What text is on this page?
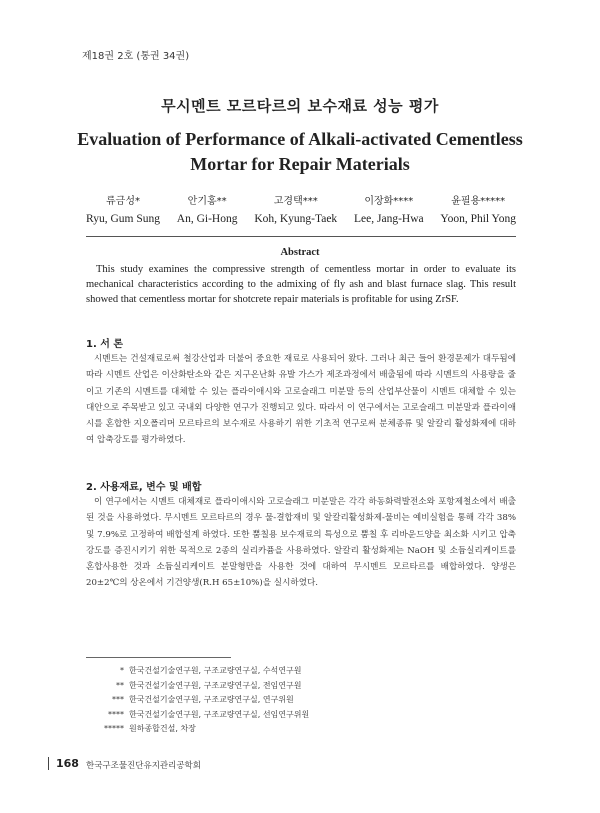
제18권 2호 (통권 34권)
무시멘트 모르타르의 보수재료 성능 평가
Evaluation of Performance of Alkali-activated Cementless
Mortar for Repair Materials
류금성*
Ryu, Gum Sung
안기홍**
An, Gi-Hong
고경택***
Koh, Kyung-Taek
이장화****
Lee, Jang-Hwa
윤필용*****
Yoon, Phil Yong
Abstract

This study examines the compressive strength of cementless mortar in order to evaluate its mechanical characteristics according to the admixing of fly ash and blast furnace slag. This result showed that cementless mortar for shotcrete repair materials is profitable for using ZrSF.

1. 서 론

시멘트는 건설재료로써 철강산업과 더불어 중요한 재료로 사용되어 왔다. 그러나 최근 들어 환경문제가 대두됨에 따라 시멘트 산업은 이산화탄소와 같은 지구온난화 유발 가스가 제조과정에서 배출됨에 따라 시멘트의 사용량을 줄이고 기존의 시멘트를 대체할 수 있는 플라이애시와 고로슬래그 미분말 등의 산업부산물이 시멘트 대체할 수 있는 대안으로 주목받고 있고 국내외 다양한 연구가 진행되고 있다. 따라서 이 연구에서는 고로슬래그 미분말과 플라이애시를 혼합한 지오폴리머 모르타르의 보수재로 사용하기 위한 기초적 연구로써 분체종류 및 알칼리 활성화제에 대하여 압축강도를 평가하였다.

2. 사용재료, 변수 및 배합

이 연구에서는 시멘트 대체재로 플라이애시와 고로슬래그 미분말은 각각 하동화력발전소와 포항제철소에서 배출된 것을 사용하였다. 무시멘트 모르타르의 경우 물-결합재비 및 알칼리활성화제-물비는 예비실험을 통해 각각 38% 및 7.9%로 고정하여 배합설계 하였다. 또한 뿜칠용 보수재료의 특성으로 뿜칠 후 리바운드양을 최소화 시키고 압축강도를 증진시키기 위한 목적으로 2종의 실리카퓸을 사용하였다. 알칼리 활성화제는 NaOH 및 소듐실리케이트를 혼합사용한 것과 소듐실리케이트 분말형만을 사용한 것에 대하여 무시멘트 모르타르를 배합하였다. 양생은 20±2℃의 상온에서 기건양생(R.H 65±10%)을 실시하였다.

* 한국건설기술연구원, 구조교량연구실, 수석연구원
** 한국건설기술연구원, 구조교량연구실, 전임연구원
*** 한국건설기술연구원, 구조교량연구실, 연구위원
**** 한국건설기술연구원, 구조교량연구실, 선임연구위원
***** 원하종합건설, 차장
168 한국구조물진단유지관리공학회
